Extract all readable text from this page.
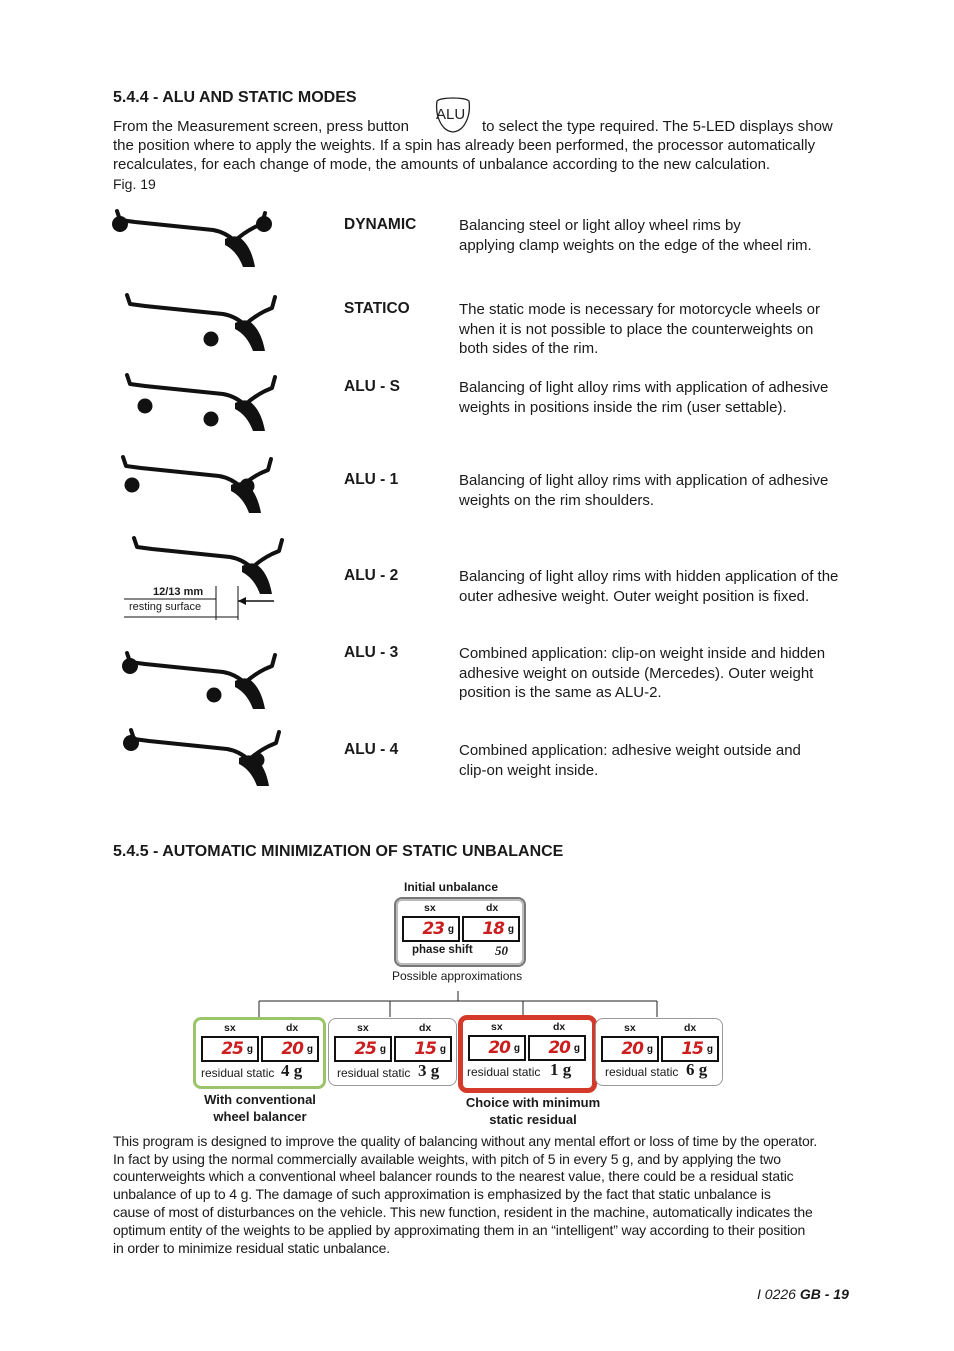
5.4.4 - ALU AND STATIC MODES
From the Measurement screen, press button
ALU
to select the type required. The 5-LED displays show
the position where to apply the weights. If a spin has already been performed, the processor automatically
recalculates, for each change of mode, the amounts of unbalance according to the new calculation.
Fig. 19
12/13 mm
resting surface
DYNAMIC	Balancing steel or light alloy wheel rims by
applying clamp weights on the edge of the wheel rim.
STATICO	The static mode is necessary for motorcycle wheels or
when it is not possible to place the counterweights on
both sides of the rim.
ALU - S	Balancing of light alloy rims with application of adhesive
weights in positions inside the rim (user settable).
ALU - 1	Balancing of light alloy rims with application of adhesive
weights on the rim shoulders.
ALU - 2	Balancing of light alloy rims with hidden application of the
outer adhesive weight. Outer weight position is fixed.
ALU - 3	Combined application: clip-on weight inside and hidden
adhesive weight on outside (Mercedes). Outer weight
position is the same as ALU-2.
ALU - 4	Combined application: adhesive weight outside and
clip-on weight inside.
5.4.5 - AUTOMATIC MINIMIZATION OF STATIC UNBALANCE
Initial unbalance
sx	dx
23 g 18 g
phase shift 50
Possible approximations
sx	dx
25 g 20 g
residual static 4 g
sx	dx
25 g 15 g
residual static 3 g
sx	dx
20 g 20 g
residual static 1 g
sx	dx
20 g 15 g
residual static 6 g
With conventional
wheel balancer
Choice with minimum
static residual
This program is designed to improve the quality of balancing without any mental effort or loss of time by the operator.
In fact by using the normal commercially available weights, with pitch of 5 in every 5 g, and by applying the two
counterweights which a conventional wheel balancer rounds to the nearest value, there could be a residual static
unbalance of up to 4 g. The damage of such approximation is emphasized by the fact that static unbalance is
cause of most of disturbances on the vehicle. This new function, resident in the machine, automatically indicates the
optimum entity of the weights to be applied by approximating them in an “intelligent” way according to their position
in order to minimize residual static unbalance.
I 0226 GB - 19
